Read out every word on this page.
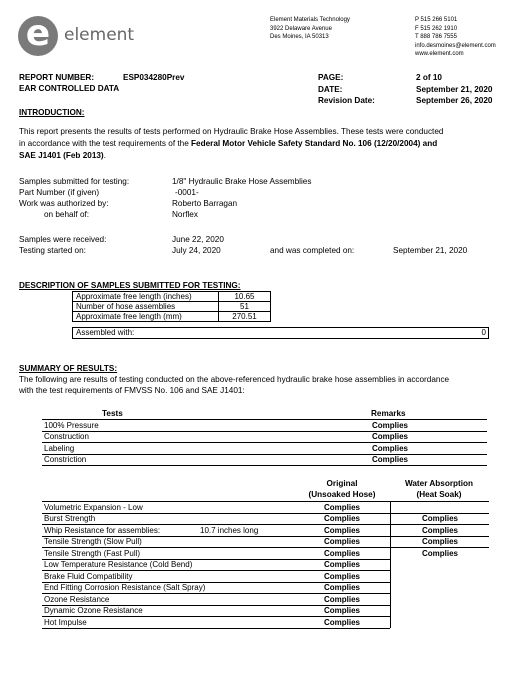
e element
Element Materials Technology
3922 Delaware Avenue
Des Moines, IA 50313
P 515 266 5101
F 515 262 1910
T 888 786 7555
info.desmoines@element.com
www.element.com
REPORT NUMBER:	ESP034280Prev
EAR CONTROLLED DATA
PAGE:	2 of 10
DATE:	September 21, 2020
Revision Date:	September 26, 2020
INTRODUCTION:
This report presents the results of tests performed on Hydraulic Brake Hose Assemblies. These tests were conducted
in accordance with the test requirements of the Federal Motor Vehicle Safety Standard No. 106 (12/20/2004) and
SAE J1401 (Feb 2013).
Samples submitted for testing:	1/8" Hydraulic Brake Hose Assemblies
Part Number (if given)	-0001-
Work was authorized by:	Roberto Barragan
on behalf of:	Norflex
Samples were received:	June 22, 2020
Testing started on:	July 24, 2020	and was completed on:	September 21, 2020
DESCRIPTION OF SAMPLES SUBMITTED FOR TESTING:
Approximate free length (inches)	10.65
Number of hose assemblies	51
Approximate free length (mm)	270.51
Assembled with:	0
SUMMARY OF RESULTS:
The following are results of testing conducted on the above-referenced hydraulic brake hose assemblies in accordance
with the test requirements of FMVSS No. 106 and SAE J1401:
Tests	Remarks
100% Pressure	Complies
Construction	Complies
Labeling	Complies
Constriction	Complies
Original
(Unsoaked Hose)
Water Absorption
(Heat Soak)
Volumetric Expansion - Low	Complies
Burst Strength	Complies	Complies
Whip Resistance for assemblies:	10.7 inches long	Complies	Complies
Tensile Strength (Slow Pull)	Complies	Complies
Tensile Strength (Fast Pull)	Complies	Complies
Low Temperature Resistance (Cold Bend)	Complies
Brake Fluid Compatibility	Complies
End Fitting Corrosion Resistance (Salt Spray)	Complies
Ozone Resistance	Complies
Dynamic Ozone Resistance	Complies
Hot Impulse	Complies
